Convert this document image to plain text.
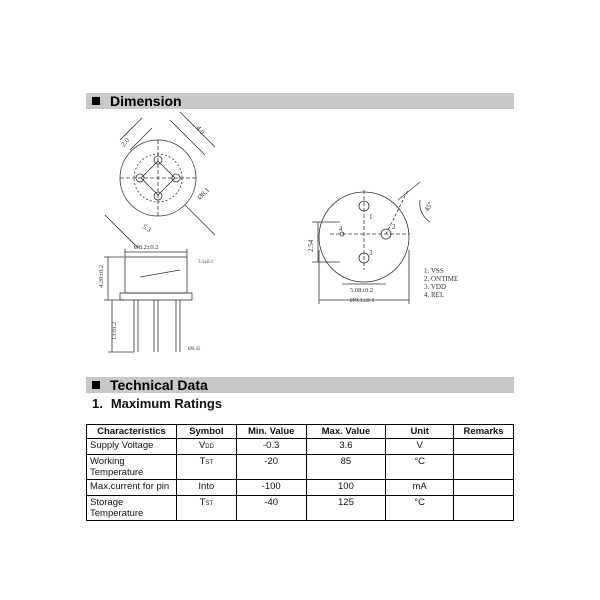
Dimension
2.0
4.0
Ø8.1
5.3
Ø8.2±0.2
4.20±0.2
13±0.2
Ø0.45
3.1±0.1
45°
2.54
5.08±0.2
Ø9.1±0.1
1
2
3
4
1. VSS
2. ONTIME
3. VDD
4. REL
Technical Data
1. Maximum Ratings
Characteristics	Symbol	Min. Value	Max. Value	Unit	Remarks
Supply Voltage	VDD	-0.3	3.6	V	
Working Temperature	TST	-20	85	°C	
Max.current for pin	Into	-100	100	mA	
Storage Temperature	TST	-40	125	°C	
